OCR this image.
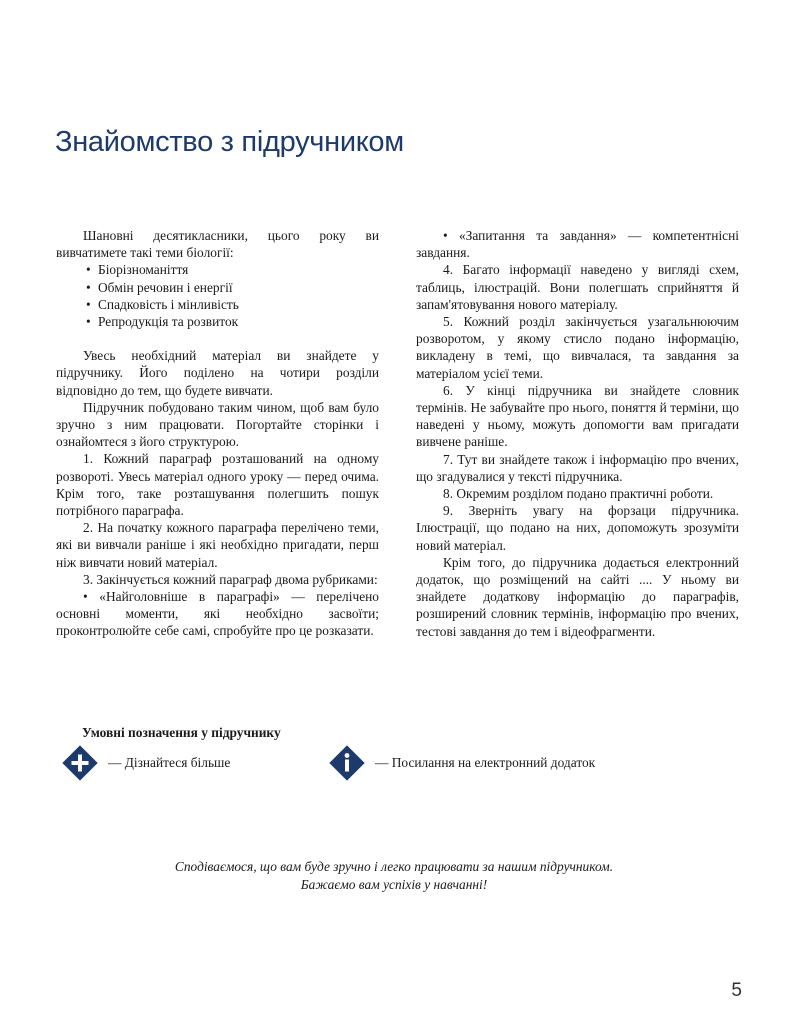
Знайомство з підручником

Шановні десятикласники, цього року ви вивчатимете такі теми біології:

• Біорізноманіття

• Обмін речовин і енергії

• Спадковість і мінливість

• Репродукція та розвиток

Увесь необхідний матеріал ви знайдете у підручнику. Його поділено на чотири розділи відповідно до тем, що будете вивчати.

Підручник побудовано таким чином, щоб вам було зручно з ним працювати. Погортайте сторінки і ознайомтеся з його структурою.

1. Кожний параграф розташований на одному розвороті. Увесь матеріал одного уроку — перед очима. Крім того, таке розташування полегшить пошук потрібного параграфа.

2. На початку кожного параграфа перелічено теми, які ви вивчали раніше і які необхідно пригадати, перш ніж вивчати новий матеріал.

3. Закінчується кожний параграф двома рубриками:

• «Найголовніше в параграфі» — перелічено основні моменти, які необхідно засвоїти; проконтролюйте себе самі, спробуйте про це розказати.

• «Запитання та завдання» — компетентнісні завдання.

4. Багато інформації наведено у вигляді схем, таблиць, ілюстрацій. Вони полегшать сприйняття й запам'ятовування нового матеріалу.

5. Кожний розділ закінчується узагальнюючим розворотом, у якому стисло подано інформацію, викладену в темі, що вивчалася, та завдання за матеріалом усієї теми.

6. У кінці підручника ви знайдете словник термінів. Не забувайте про нього, поняття й терміни, що наведені у ньому, можуть допомогти вам пригадати вивчене раніше.

7. Тут ви знайдете також і інформацію про вчених, що згадувалися у тексті підручника.

8. Окремим розділом подано практичні роботи.

9. Зверніть увагу на форзаци підручника. Ілюстрації, що подано на них, допоможуть зрозуміти новий матеріал.

Крім того, до підручника додається електронний додаток, що розміщений на сайті .... У ньому ви знайдете додаткову інформацію до параграфів, розширений словник термінів, інформацію про вчених, тестові завдання до тем і відеофрагменти.

Умовні позначення у підручнику

— Дізнайтеся більше	— Посилання на електронний додаток

Сподіваємося, що вам буде зручно і легко працювати за нашим підручником.

Бажаємо вам успіхів у навчанні!

5
